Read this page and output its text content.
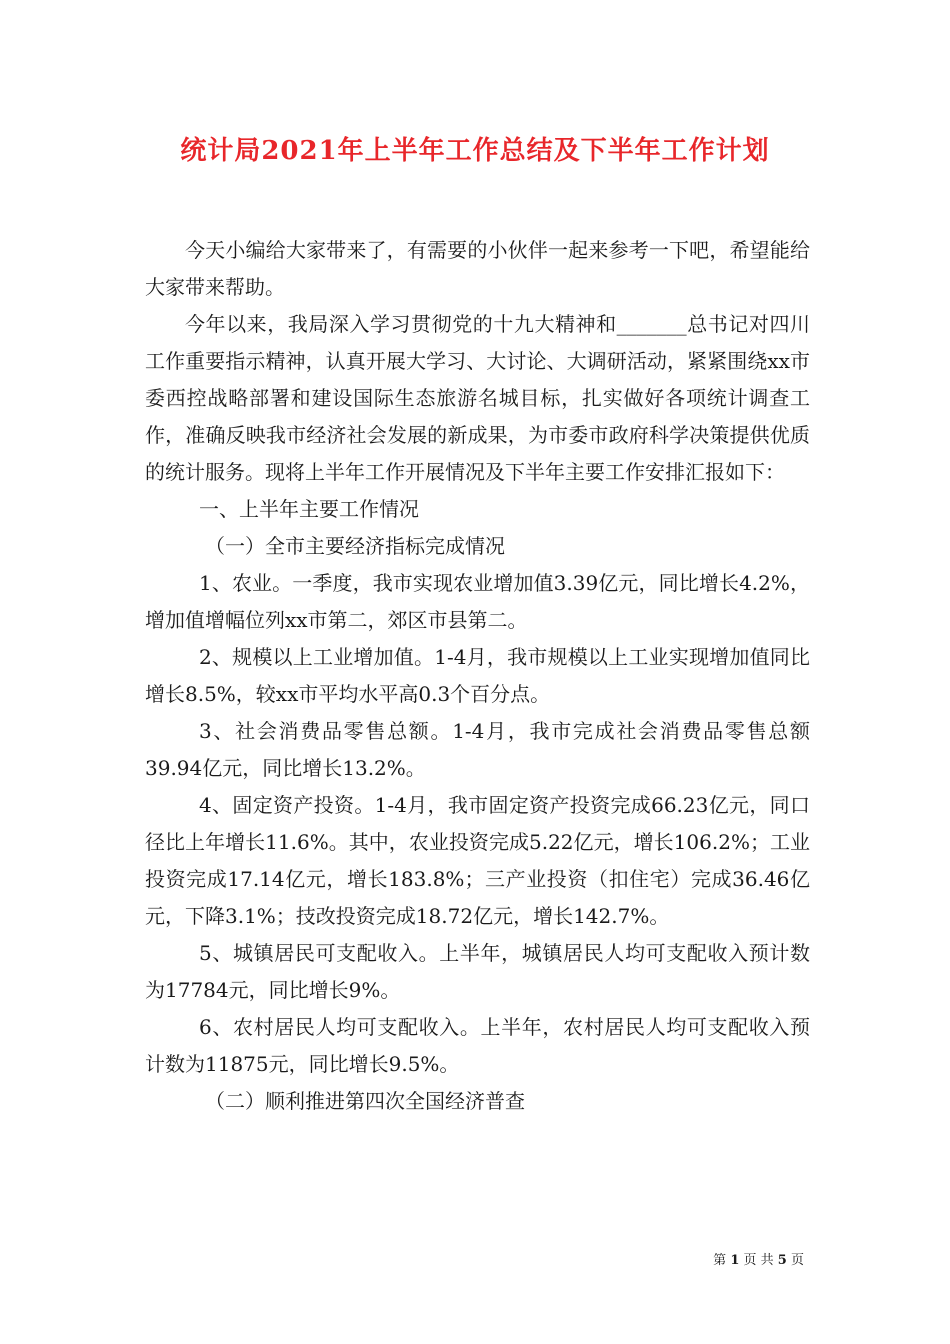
统计局2021年上半年工作总结及下半年工作计划

今天小编给大家带来了，有需要的小伙伴一起来参考一下吧，希望能给大家带来帮助。

今年以来，我局深入学习贯彻党的十九大精神和_______总书记对四川工作重要指示精神，认真开展大学习、大讨论、大调研活动，紧紧围绕xx市委西控战略部署和建设国际生态旅游名城目标，扎实做好各项统计调查工作，准确反映我市经济社会发展的新成果，为市委市政府科学决策提供优质的统计服务。现将上半年工作开展情况及下半年主要工作安排汇报如下：

一、上半年主要工作情况

（一）全市主要经济指标完成情况

1、农业。一季度，我市实现农业增加值3.39亿元，同比增长4.2%，增加值增幅位列xx市第二，郊区市县第二。

2、规模以上工业增加值。1-4月，我市规模以上工业实现增加值同比增长8.5%，较xx市平均水平高0.3个百分点。

3、社会消费品零售总额。1-4月，我市完成社会消费品零售总额39.94亿元，同比增长13.2%。

4、固定资产投资。1-4月，我市固定资产投资完成66.23亿元，同口径比上年增长11.6%。其中，农业投资完成5.22亿元，增长106.2%；工业投资完成17.14亿元，增长183.8%；三产业投资（扣住宅）完成36.46亿元，下降3.1%；技改投资完成18.72亿元，增长142.7%。

5、城镇居民可支配收入。上半年，城镇居民人均可支配收入预计数为17784元，同比增长9%。

6、农村居民人均可支配收入。上半年，农村居民人均可支配收入预计数为11875元，同比增长9.5%。

（二）顺利推进第四次全国经济普查

第 1 页 共 5 页
